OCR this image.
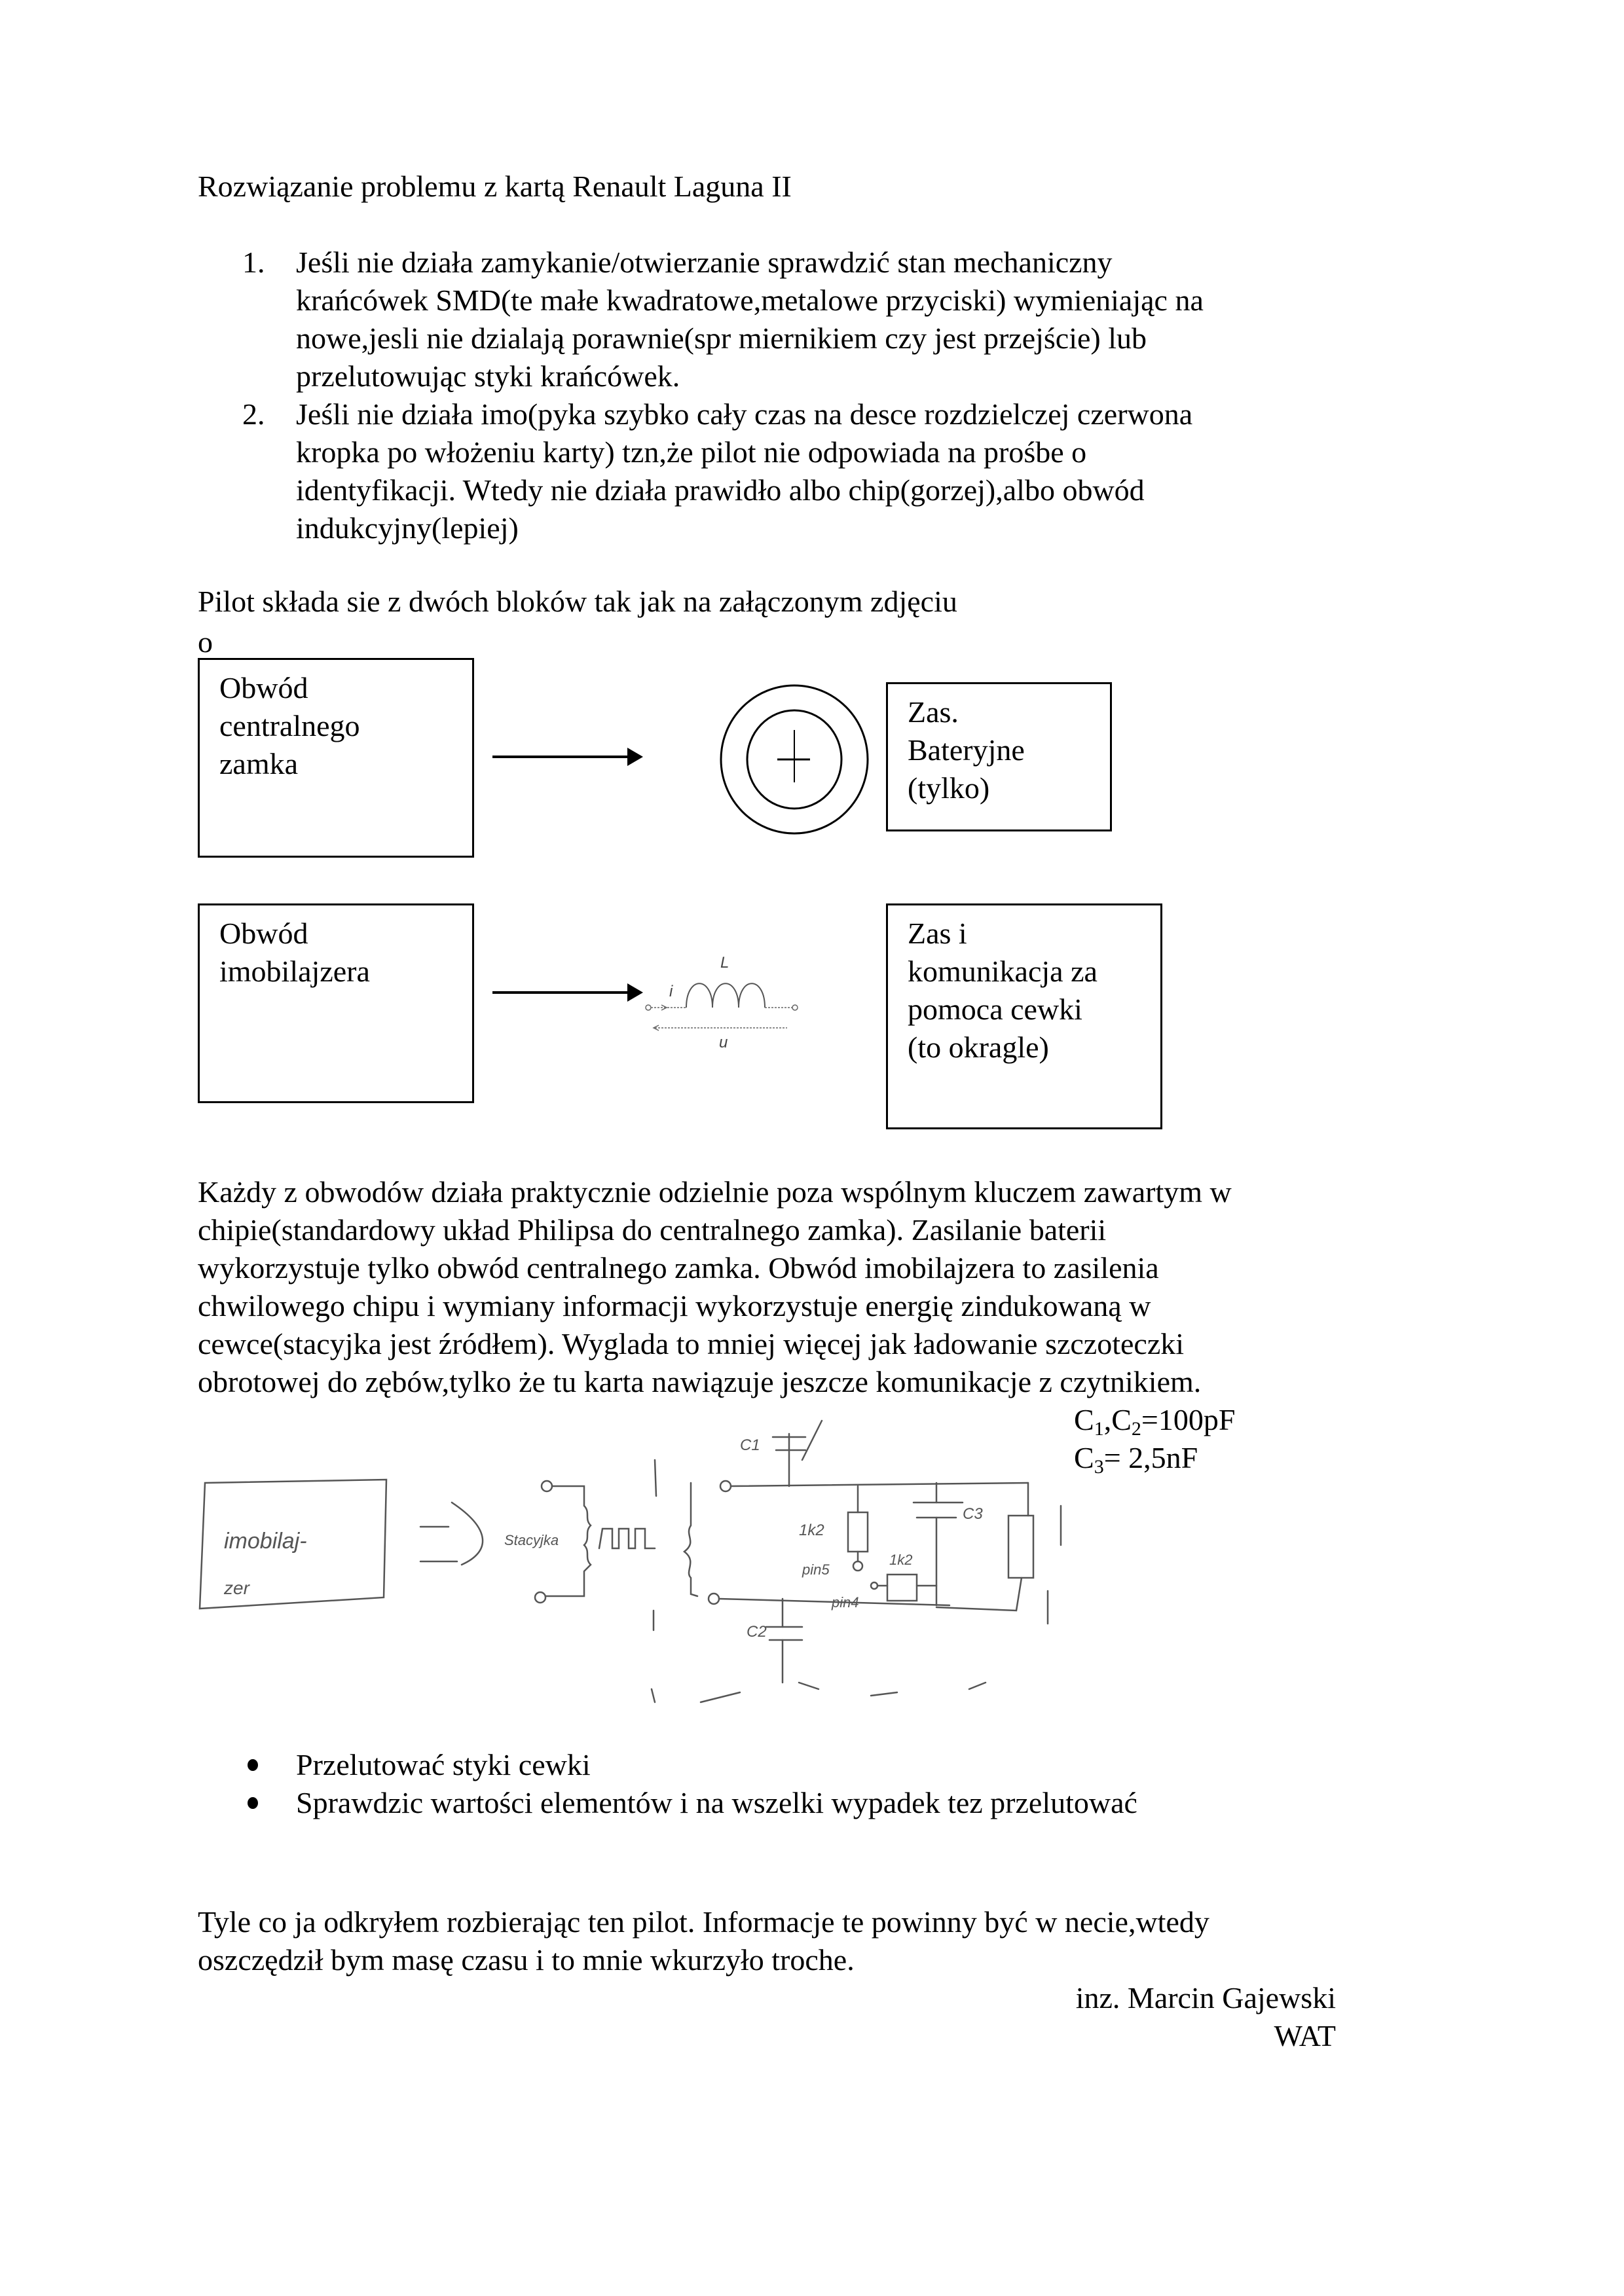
Rozwiązanie problemu z kartą Renault Laguna II
1. Jeśli nie działa zamykanie/otwierzanie sprawdzić stan mechaniczny
krańcówek SMD(te małe kwadratowe,metalowe przyciski) wymieniając na
nowe,jesli nie dzialają porawnie(spr miernikiem czy jest przejście) lub
przelutowując styki krańcówek.
2. Jeśli nie działa imo(pyka szybko cały czas na desce rozdzielczej czerwona
kropka po włożeniu karty) tzn,że pilot nie odpowiada na prośbe o
identyfikacji. Wtedy nie działa prawidło albo chip(gorzej),albo obwód
indukcyjny(lepiej)
Pilot składa sie z dwóch bloków tak jak na załączonym zdjęciu
o
Obwód
centralnego
zamka
Zas.
Bateryjne
(tylko)
Obwód
imobilajzera	L
i
u
Zas i
komunikacja za
pomoca cewki
(to okragle)
Każdy z obwodów działa praktycznie odzielnie poza wspólnym kluczem zawartym w
chipie(standardowy układ Philipsa do centralnego zamka). Zasilanie baterii
wykorzystuje tylko obwód centralnego zamka. Obwód imobilajzera to zasilenia
chwilowego chipu i wymiany informacji wykorzystuje energię zindukowaną w
cewce(stacyjka jest źródłem). Wyglada to mniej więcej jak ładowanie szczoteczki
obrotowej do zębów,tylko że tu karta nawiązuje jeszcze komunikacje z czytnikiem.
$C_1,C_2=100pF$
$C_3= 2,5nF$
imobilaj-
zer
Stacyjka
C1
C2
1k2
pin5
1k2
pin4
C3
Przelutować styki cewki
Sprawdzic wartości elementów i na wszelki wypadek tez przelutować
Tyle co ja odkryłem rozbierając ten pilot. Informacje te powinny być w necie,wtedy
oszczędził bym masę czasu i to mnie wkurzyło troche.
inz. Marcin Gajewski
WAT
